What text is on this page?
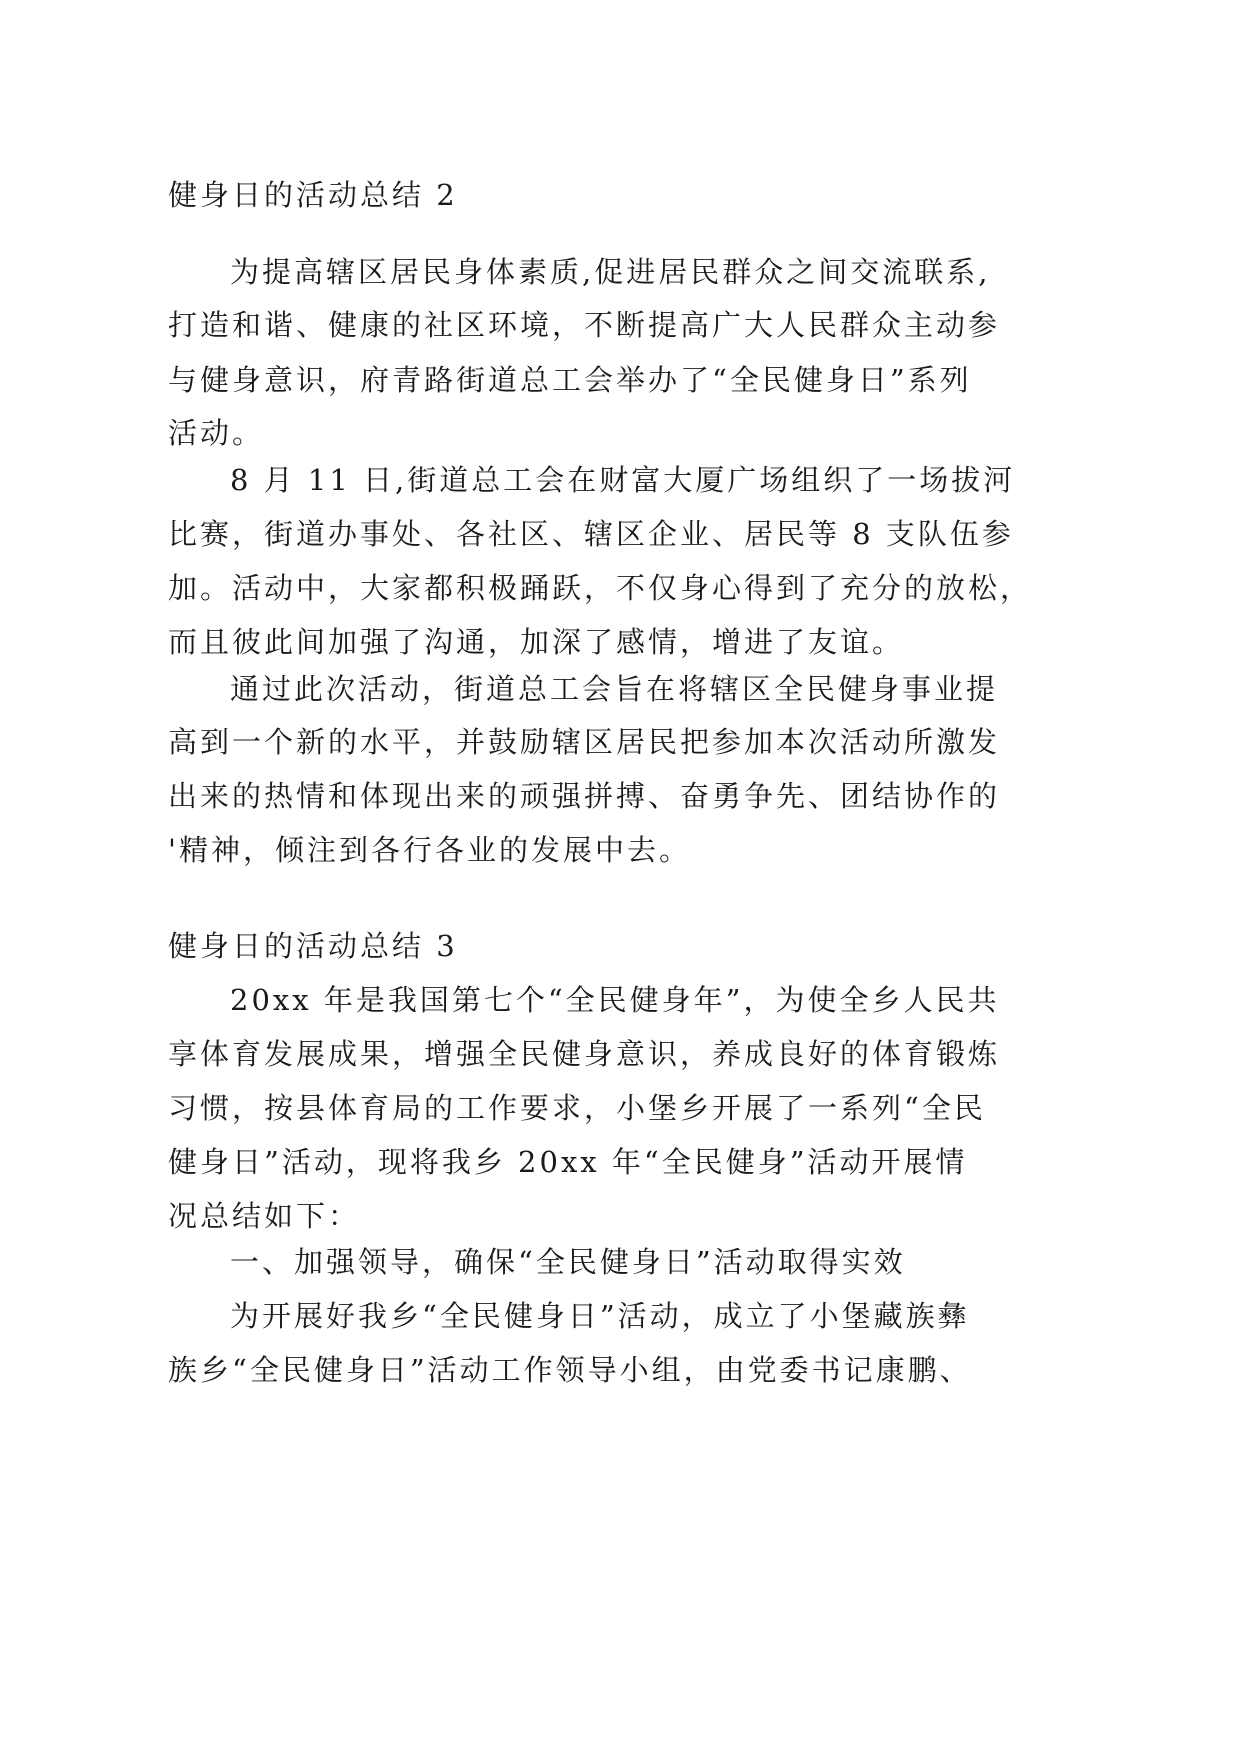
健身日的活动总结 2
为提高辖区居民身体素质,促进居民群众之间交流联系,
打造和谐、健康的社区环境，不断提高广大人民群众主动参
与健身意识，府青路街道总工会举办了“全民健身日”系列
活动。
8 月 11 日,街道总工会在财富大厦广场组织了一场拔河
比赛，街道办事处、各社区、辖区企业、居民等 8 支队伍参
加。活动中，大家都积极踊跃，不仅身心得到了充分的放松，
而且彼此间加强了沟通，加深了感情，增进了友谊。
通过此次活动，街道总工会旨在将辖区全民健身事业提
高到一个新的水平，并鼓励辖区居民把参加本次活动所激发
出来的热情和体现出来的顽强拼搏、奋勇争先、团结协作的
'精神，倾注到各行各业的发展中去。
健身日的活动总结 3
20xx 年是我国第七个“全民健身年”，为使全乡人民共
享体育发展成果，增强全民健身意识，养成良好的体育锻炼
习惯，按县体育局的工作要求，小堡乡开展了一系列“全民
健身日”活动，现将我乡 20xx 年“全民健身”活动开展情
况总结如下：
一、加强领导，确保“全民健身日”活动取得实效
为开展好我乡“全民健身日”活动，成立了小堡藏族彝
族乡“全民健身日”活动工作领导小组，由党委书记康鹏、
